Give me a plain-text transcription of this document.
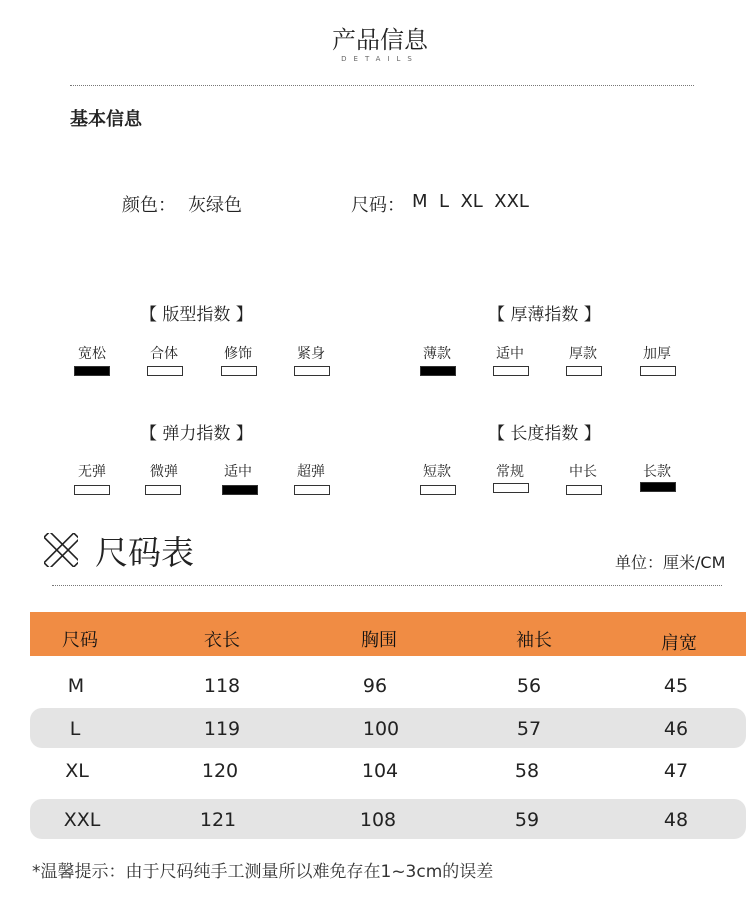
产品信息
DETAILS
基本信息
颜色： 灰绿色	尺码： M  L  XL  XXL
【 版型指数 】	【 厚薄指数 】
【 弹力指数 】	【 长度指数 】
宽松	合体	修饰	紧身	薄款	适中	厚款	加厚
无弹	微弹	适中	超弹	短款	常规	中长	长款
尺码表	单位：厘米/CM
尺码	衣长	胸围	袖长	肩宽
M	118	96	56	45
L	119	100	57	46
XL	120	104	58	47
XXL	121	108	59	48
*温馨提示：由于尺码纯手工测量所以难免存在1~3cm的误差
